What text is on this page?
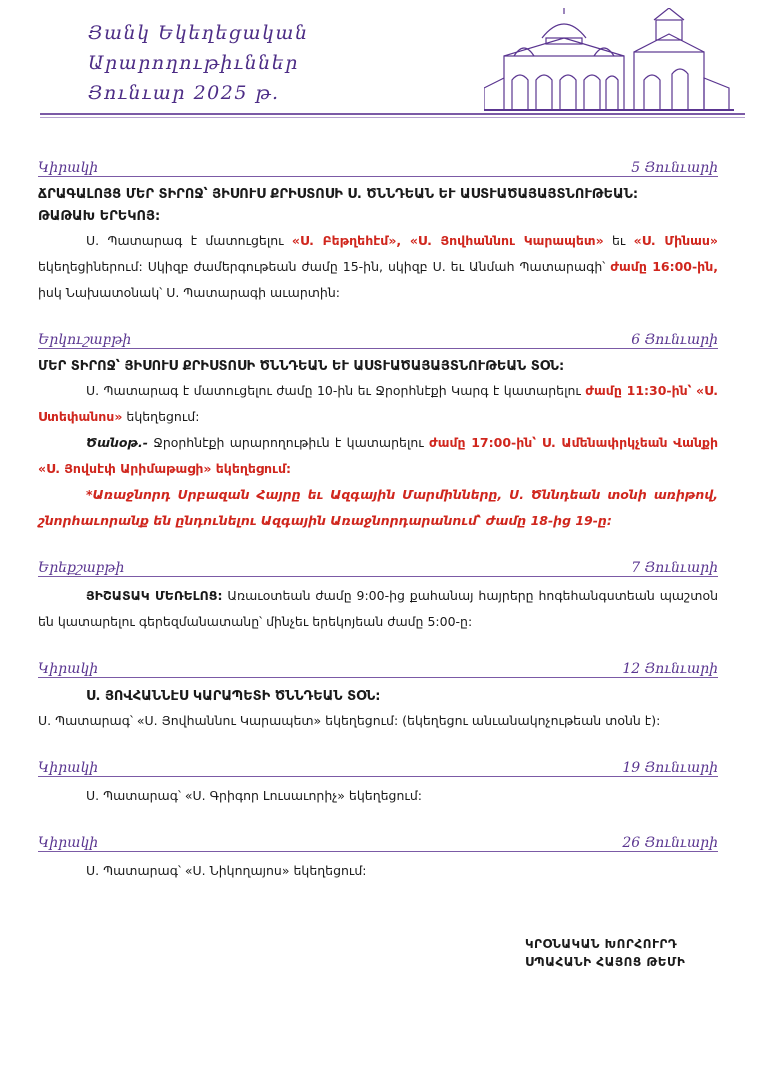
Յանկ Եկեղեցական
Արարողութիւններ
Յունւար 2025 թ.
Կիրակի	5 Յունւարի
ՃՐԱԳԱԼՈՅՑ ՄԵՐ ՏԻՐՈՋ՝ ՅԻՍՈՒՍ ՔՐԻՍՏՈՍԻ Ս. ԾՆՆԴԵԱՆ ԵՒ ԱՍՏՒԱԾԱՅԱՅՏՆՈՒԹԵԱՆ:
ԹԱԹԱԽ ԵՐԵԿՈՅ:
Ս. Պատարագ է մատուցելու «Ս. Բեթղեհէմ», «Ս. Յովհաննու Կարապետ» եւ «Ս. Մինաս» եկեղեցիներում: Սկիզբ ժամերգութեան ժամը 15-ին, սկիզբ Ս. եւ Անմահ Պատարագի՝ ժամը 16:00-ին, իսկ Նախատօնակ՝ Ս. Պատարագի աւարտին:
Երկուշաբթի	6 Յունւարի
ՄԵՐ ՏԻՐՈՋ՝ ՅԻՍՈՒՍ ՔՐԻՍՏՈՍԻ ԾՆՆԴԵԱՆ ԵՒ ԱՍՏՒԱԾԱՅԱՅՏՆՈՒԹԵԱՆ ՏՕՆ:
Ս. Պատարագ է մատուցելու ժամը 10-ին եւ Ջրօրհնէքի Կարգ է կատարելու ժամը 11:30-ին՝ «Ս. Ստեփանոս» եկեղեցում:
Ծանօթ.- Ջրօրհնէքի արարողութիւն է կատարելու ժամը 17:00-ին՝ Ս. Ամենափրկչեան Վանքի «Ս. Յովսէփ Արիմաթացի» եկեղեցում:
*Առաջնորդ Սրբազան Հայրը եւ Ազգային Մարմինները, Ս. Ծննդեան տօնի առիթով, շնորհաւորանք են ընդունելու Ազգային Առաջնորդարանում՝ ժամը 18-ից 19-ը:
Երեքշաբթի	7 Յունւարի
ՅԻՇԱՏԱԿ ՄԵՌԵԼՈՑ: Առաւօտեան ժամը 9:00-ից քահանայ հայրերը հոգեհանգստեան պաշտօն են կատարելու գերեզմանատանը՝ մինչեւ երեկոյեան ժամը 5:00-ը:
Կիրակի	12 Յունւարի
Ս. ՅՈՎՀԱՆՆԷՍ ԿԱՐԱՊԵՏԻ ԾՆՆԴԵԱՆ ՏՕՆ:
Ս. Պատարագ՝ «Ս. Յովհաննու Կարապետ» եկեղեցում: (եկեղեցու անւանակոչութեան տօնն է):
Կիրակի	19 Յունւարի
Ս. Պատարագ՝ «Ս. Գրիգոր Լուսաւորիչ» եկեղեցում:
Կիրակի	26 Յունւարի
Ս. Պատարագ՝ «Ս. Նիկողայոս» եկեղեցում:
ԿՐՕՆԱԿԱՆ ԽՈՐՀՈՒՐԴ
ՍՊԱՀԱՆԻ ՀԱՅՈՑ ԹԵՄԻ
